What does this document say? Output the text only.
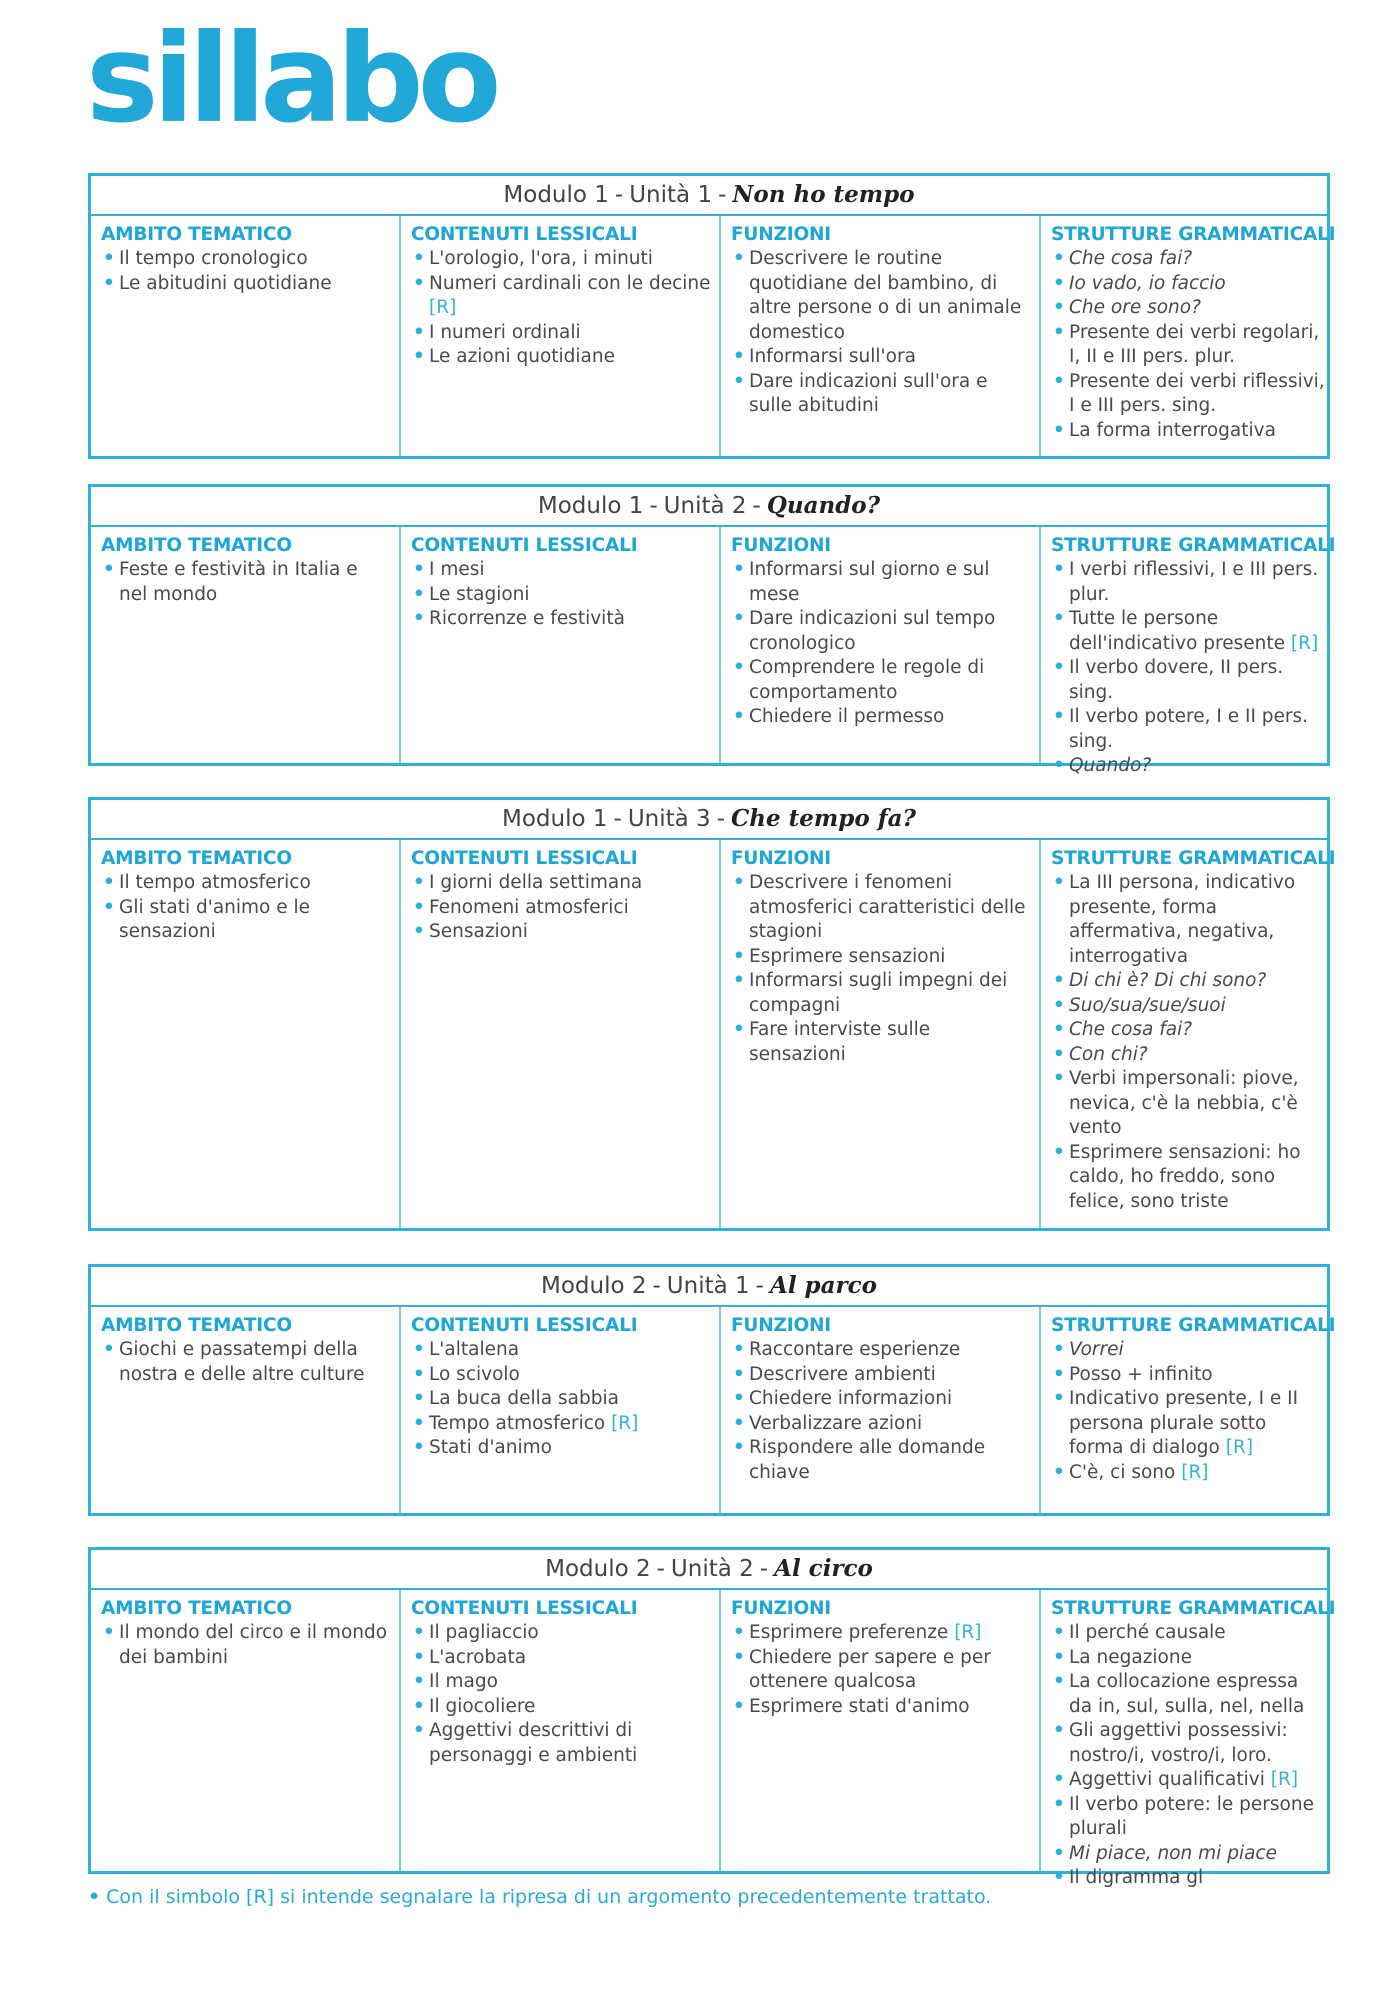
sillabo
Modulo 1 - Unità 1 - Non ho tempo
AMBITO TEMATICO
• Il tempo cronologico
• Le abitudini quotidiane
CONTENUTI LESSICALI
• L'orologio, l'ora, i minuti
• Numeri cardinali con le decine [R]
• I numeri ordinali
• Le azioni quotidiane
FUNZIONI
• Descrivere le routine quotidiane del bambino, di altre persone o di un animale domestico
• Informarsi sull'ora
• Dare indicazioni sull'ora e sulle abitudini
STRUTTURE GRAMMATICALI
• Che cosa fai?
• Io vado, io faccio
• Che ore sono?
• Presente dei verbi regolari, I, II e III pers. plur.
• Presente dei verbi riflessivi, I e III pers. sing.
• La forma interrogativa
Modulo 1 - Unità 2 - Quando?
AMBITO TEMATICO
• Feste e festività in Italia e nel mondo
CONTENUTI LESSICALI
• I mesi
• Le stagioni
• Ricorrenze e festività
FUNZIONI
• Informarsi sul giorno e sul mese
• Dare indicazioni sul tempo cronologico
• Comprendere le regole di comportamento
• Chiedere il permesso
STRUTTURE GRAMMATICALI
• I verbi riflessivi, I e III pers. plur.
• Tutte le persone dell'indicativo presente [R]
• Il verbo dovere, II pers. sing.
• Il verbo potere, I e II pers. sing.
• Quando?
Modulo 1 - Unità 3 - Che tempo fa?
AMBITO TEMATICO
• Il tempo atmosferico
• Gli stati d'animo e le sensazioni
CONTENUTI LESSICALI
• I giorni della settimana
• Fenomeni atmosferici
• Sensazioni
FUNZIONI
• Descrivere i fenomeni atmosferici caratteristici delle stagioni
• Esprimere sensazioni
• Informarsi sugli impegni dei compagni
• Fare interviste sulle sensazioni
STRUTTURE GRAMMATICALI
• La III persona, indicativo presente, forma affermativa, negativa, interrogativa
• Di chi è? Di chi sono?
• Suo/sua/sue/suoi
• Che cosa fai?
• Con chi?
• Verbi impersonali: piove, nevica, c'è la nebbia, c'è vento
• Esprimere sensazioni: ho caldo, ho freddo, sono felice, sono triste
Modulo 2 - Unità 1 - Al parco
AMBITO TEMATICO
• Giochi e passatempi della nostra e delle altre culture
CONTENUTI LESSICALI
• L'altalena
• Lo scivolo
• La buca della sabbia
• Tempo atmosferico [R]
• Stati d'animo
FUNZIONI
• Raccontare esperienze
• Descrivere ambienti
• Chiedere informazioni
• Verbalizzare azioni
• Rispondere alle domande chiave
STRUTTURE GRAMMATICALI
• Vorrei
• Posso + infinito
• Indicativo presente, I e II persona plurale sotto forma di dialogo [R]
• C'è, ci sono [R]
Modulo 2 - Unità 2 - Al circo
AMBITO TEMATICO
• Il mondo del circo e il mondo dei bambini
CONTENUTI LESSICALI
• Il pagliaccio
• L'acrobata
• Il mago
• Il giocoliere
• Aggettivi descrittivi di personaggi e ambienti
FUNZIONI
• Esprimere preferenze [R]
• Chiedere per sapere e per ottenere qualcosa
• Esprimere stati d'animo
STRUTTURE GRAMMATICALI
• Il perché causale
• La negazione
• La collocazione espressa da in, sul, sulla, nel, nella
• Gli aggettivi possessivi: nostro/i, vostro/i, loro.
• Aggettivi qualificativi [R]
• Il verbo potere: le persone plurali
• Mi piace, non mi piace
• Il digramma gl
• Con il simbolo [R] si intende segnalare la ripresa di un argomento precedentemente trattato.
